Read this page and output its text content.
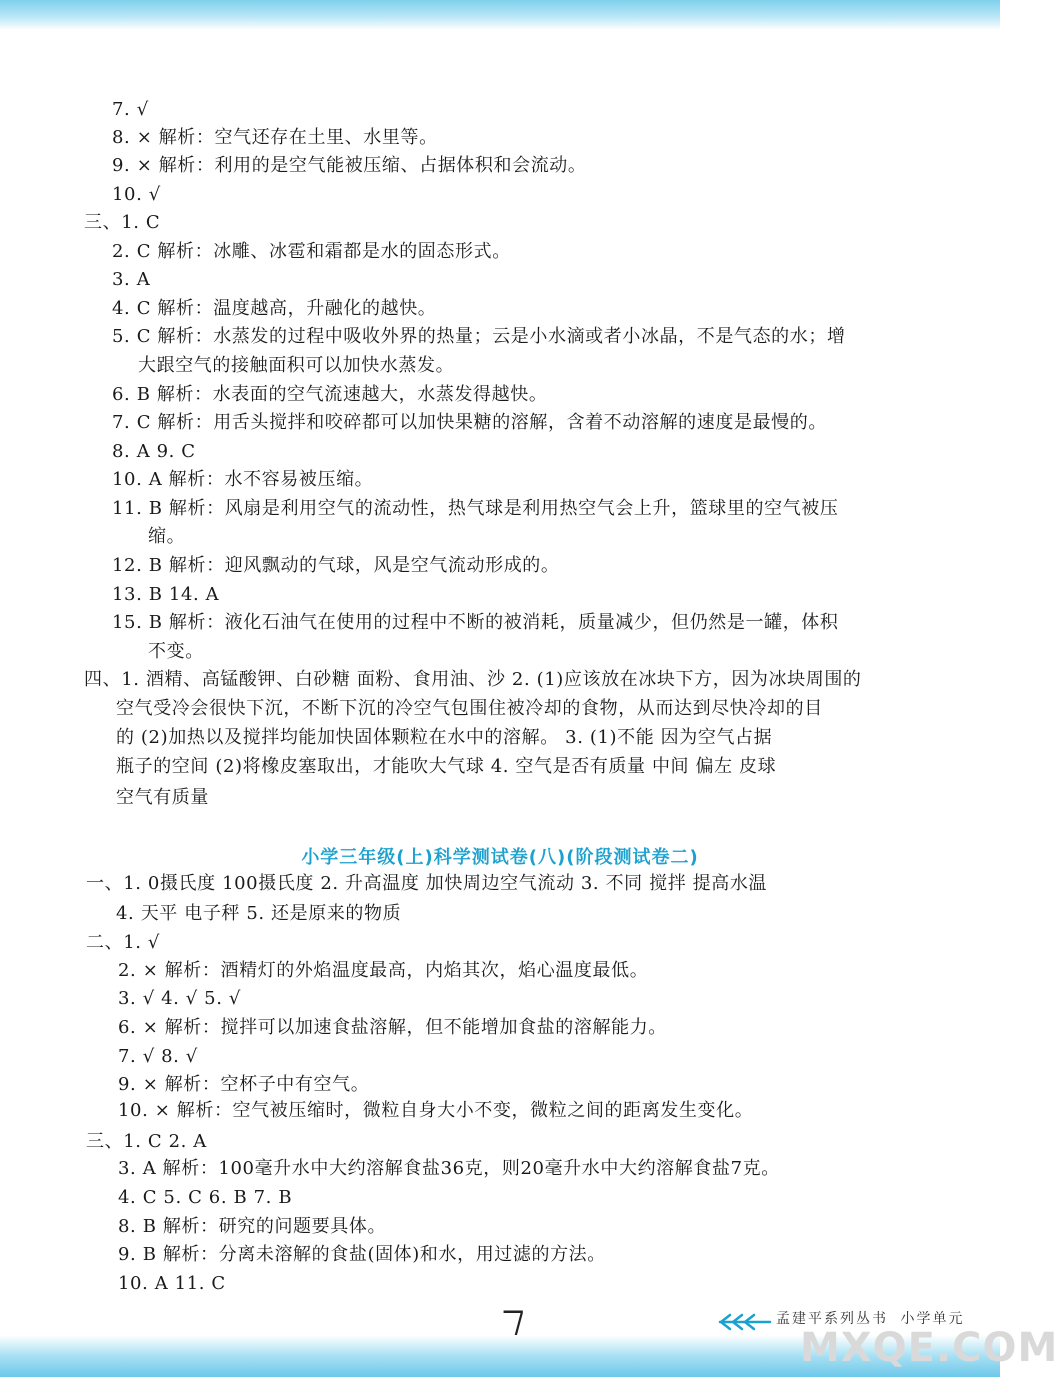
7. √
8. × 解析：空气还存在土里、水里等。
9. × 解析：利用的是空气能被压缩、占据体积和会流动。
10. √
三、1. C
2. C 解析：冰雕、冰雹和霜都是水的固态形式。
3. A
4. C 解析：温度越高，升融化的越快。
5. C 解析：水蒸发的过程中吸收外界的热量；云是小水滴或者小冰晶，不是气态的水；增
大跟空气的接触面积可以加快水蒸发。
6. B 解析：水表面的空气流速越大，水蒸发得越快。
7. C 解析：用舌头搅拌和咬碎都可以加快果糖的溶解，含着不动溶解的速度是最慢的。
8. A 9. C
10. A 解析：水不容易被压缩。
11. B 解析：风扇是利用空气的流动性，热气球是利用热空气会上升，篮球里的空气被压
缩。
12. B 解析：迎风飘动的气球，风是空气流动形成的。
13. B 14. A
15. B 解析：液化石油气在使用的过程中不断的被消耗，质量减少，但仍然是一罐，体积
不变。
四、1. 酒精、高锰酸钾、白砂糖 面粉、食用油、沙 2. (1)应该放在冰块下方，因为冰块周围的
空气受冷会很快下沉，不断下沉的冷空气包围住被冷却的食物，从而达到尽快冷却的目
的 (2)加热以及搅拌均能加快固体颗粒在水中的溶解。 3. (1)不能 因为空气占据
瓶子的空间 (2)将橡皮塞取出，才能吹大气球 4. 空气是否有质量 中间 偏左 皮球
空气有质量
小学三年级(上)科学测试卷(八)(阶段测试卷二)
一、1. 0摄氏度 100摄氏度 2. 升高温度 加快周边空气流动 3. 不同 搅拌 提高水温
4. 天平 电子秤 5. 还是原来的物质
二、1. √
2. × 解析：酒精灯的外焰温度最高，内焰其次，焰心温度最低。
3. √ 4. √ 5. √
6. × 解析：搅拌可以加速食盐溶解，但不能增加食盐的溶解能力。
7. √ 8. √
9. × 解析：空杯子中有空气。
10. × 解析：空气被压缩时，微粒自身大小不变，微粒之间的距离发生变化。
三、1. C 2. A
3. A 解析：100毫升水中大约溶解食盐36克，则20毫升水中大约溶解食盐7克。
4. C 5. C 6. B 7. B
8. B 解析：研究的问题要具体。
9. B 解析：分离未溶解的食盐(固体)和水，用过滤的方法。
10. A 11. C
孟建平系列丛书 小学单元
MXQE.COM
